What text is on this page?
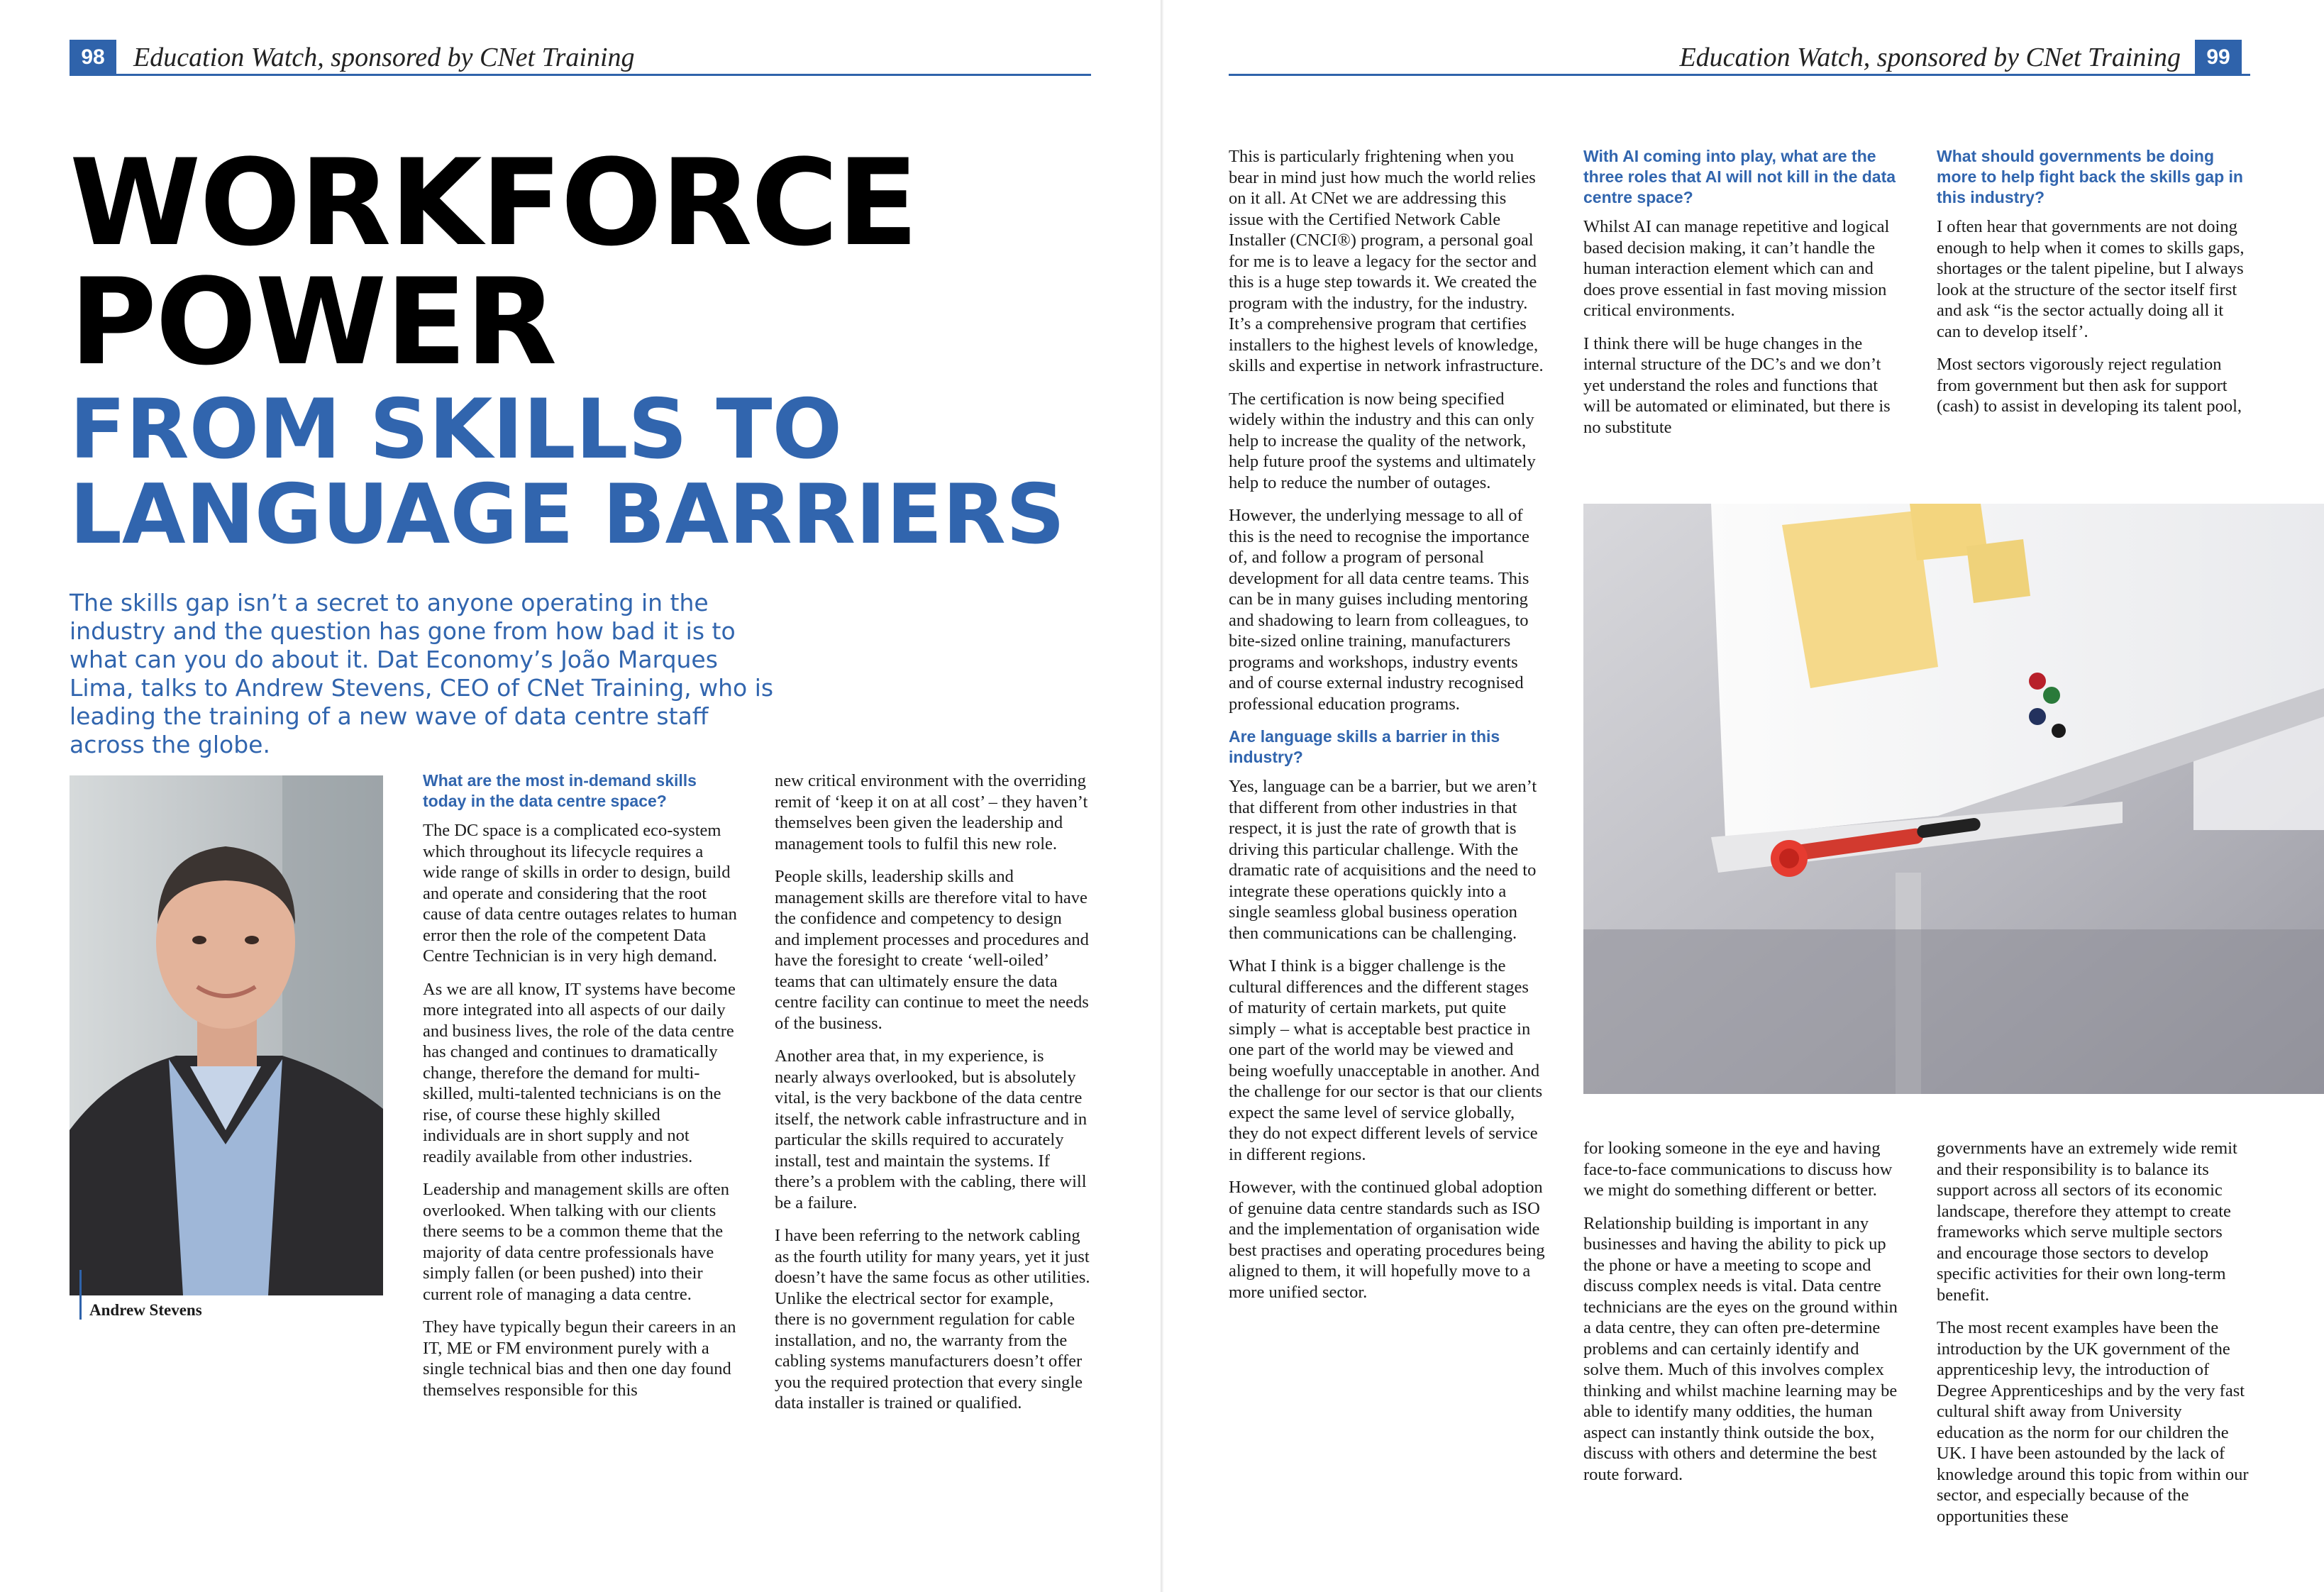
98	Education Watch, sponsored by CNet Training	Education Watch, sponsored by CNet Training	99
WORKFORCE
POWER
FROM SKILLS TO
LANGUAGE BARRIERS

The skills gap isn’t a secret to anyone operating in the industry and the question has gone from how bad it is to what can you do about it. Dat Economy’s João Marques Lima, talks to Andrew Stevens, CEO of CNet Training, who is leading the training of a new wave of data centre staff across the globe.

Andrew Stevens
What are the most in-demand skills today in the data centre space?

The DC space is a complicated eco-system which throughout its lifecycle requires a wide range of skills in order to design, build and operate and considering that the root cause of data centre outages relates to human error then the role of the competent Data Centre Technician is in very high demand.

As we are all know, IT systems have become more integrated into all aspects of our daily and business lives, the role of the data centre has changed and continues to dramatically change, therefore the demand for multi-skilled, multi-talented technicians is on the rise, of course these highly skilled individuals are in short supply and not readily available from other industries.

Leadership and management skills are often overlooked. When talking with our clients there seems to be a common theme that the majority of data centre professionals have simply fallen (or been pushed) into their current role of managing a data centre.

They have typically begun their careers in an IT, ME or FM environment purely with a single technical bias and then one day found themselves responsible for this

new critical environment with the overriding remit of ‘keep it on at all cost’ – they haven’t themselves been given the leadership and management tools to fulfil this new role.

People skills, leadership skills and management skills are therefore vital to have the confidence and competency to design and implement processes and procedures and have the foresight to create ‘well-oiled’ teams that can ultimately ensure the data centre facility can continue to meet the needs of the business.

Another area that, in my experience, is nearly always overlooked, but is absolutely vital, is the very backbone of the data centre itself, the network cable infrastructure and in particular the skills required to accurately install, test and maintain the systems. If there’s a problem with the cabling, there will be a failure.

I have been referring to the network cabling as the fourth utility for many years, yet it just doesn’t have the same focus as other utilities. Unlike the electrical sector for example, there is no government regulation for cable installation, and no, the warranty from the cabling systems manufacturers doesn’t offer you the required protection that every single data installer is trained or qualified.

This is particularly frightening when you bear in mind just how much the world relies on it all. At CNet we are addressing this issue with the Certified Network Cable Installer (CNCI®) program, a personal goal for me is to leave a legacy for the sector and this is a huge step towards it. We created the program with the industry, for the industry. It’s a comprehensive program that certifies installers to the highest levels of knowledge, skills and expertise in network infrastructure.

The certification is now being specified widely within the industry and this can only help to increase the quality of the network, help future proof the systems and ultimately help to reduce the number of outages.

However, the underlying message to all of this is the need to recognise the importance of, and follow a program of personal development for all data centre teams. This can be in many guises including mentoring and shadowing to learn from colleagues, to bite-sized online training, manufacturers programs and workshops, industry events and of course external industry recognised professional education programs.

Are language skills a barrier in this industry?

Yes, language can be a barrier, but we aren’t that different from other industries in that respect, it is just the rate of growth that is driving this particular challenge. With the dramatic rate of acquisitions and the need to integrate these operations quickly into a single seamless global business operation then communications can be challenging.

What I think is a bigger challenge is the cultural differences and the different stages of maturity of certain markets, put quite simply – what is acceptable best practice in one part of the world may be viewed and being woefully unacceptable in another. And the challenge for our sector is that our clients expect the same level of service globally, they do not expect different levels of service in different regions.

However, with the continued global adoption of genuine data centre standards such as ISO and the implementation of organisation wide best practises and operating procedures being aligned to them, it will hopefully move to a more unified sector.

With AI coming into play, what are the three roles that AI will not kill in the data centre space?

Whilst AI can manage repetitive and logical based decision making, it can’t handle the human interaction element which can and does prove essential in fast moving mission critical environments.

I think there will be huge changes in the internal structure of the DC’s and we don’t yet understand the roles and functions that will be automated or eliminated, but there is no substitute

What should governments be doing more to help fight back the skills gap in this industry?

I often hear that governments are not doing enough to help when it comes to skills gaps, shortages or the talent pipeline, but I always look at the structure of the sector itself first and ask “is the sector actually doing all it can to develop itself’.

Most sectors vigorously reject regulation from government but then ask for support (cash) to assist in developing its talent pool,

for looking someone in the eye and having face-to-face communications to discuss how we might do something different or better.

Relationship building is important in any businesses and having the ability to pick up the phone or have a meeting to scope and discuss complex needs is vital. Data centre technicians are the eyes on the ground within a data centre, they can often pre-determine problems and can certainly identify and solve them. Much of this involves complex thinking and whilst machine learning may be able to identify many oddities, the human aspect can instantly think outside the box, discuss with others and determine the best route forward.

governments have an extremely wide remit and their responsibility is to balance its support across all sectors of its economic landscape, therefore they attempt to create frameworks which serve multiple sectors and encourage those sectors to develop specific activities for their own long-term benefit.

The most recent examples have been the introduction by the UK government of the apprenticeship levy, the introduction of Degree Apprenticeships and by the very fast cultural shift away from University education as the norm for our children the UK. I have been astounded by the lack of knowledge around this topic from within our sector, and especially because of the opportunities these
